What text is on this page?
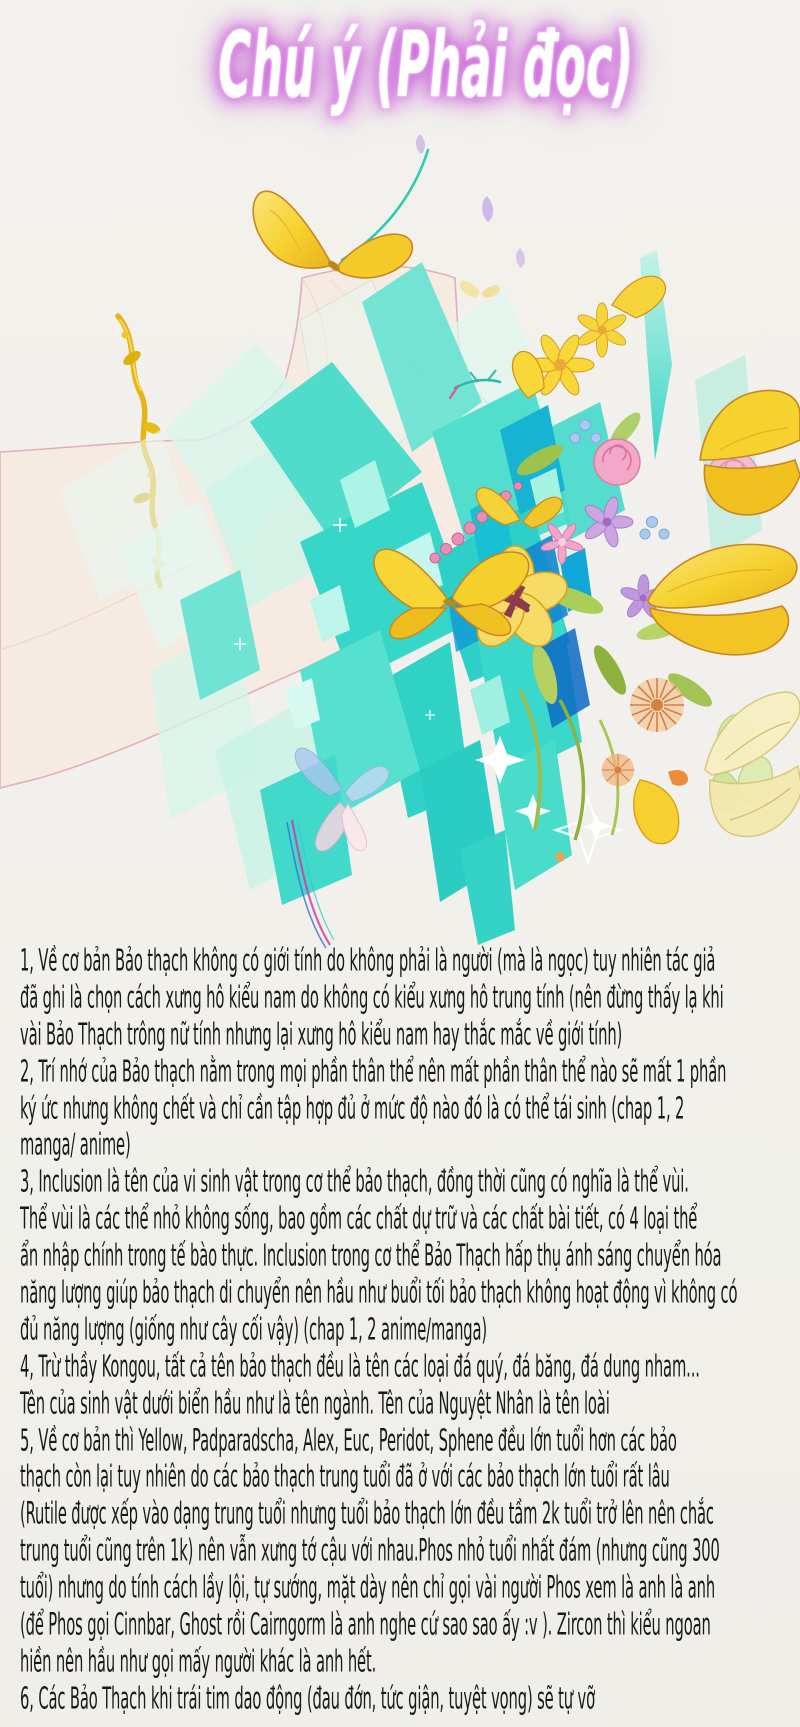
Chú ý (Phải đọc)
1, Về cơ bản Bảo thạch không có giới tính do không phải là người (mà là ngọc) tuy nhiên tác giả
đã ghi là chọn cách xưng hô kiểu nam do không có kiểu xưng hô trung tính (nên đừng thấy lạ khi
vài Bảo Thạch trông nữ tính nhưng lại xưng hô kiểu nam hay thắc mắc về giới tính)
2, Trí nhớ của Bảo thạch nằm trong mọi phần thân thể nên mất phần thân thể nào sẽ mất 1 phần
ký ức nhưng không chết và chỉ cần tập hợp đủ ở mức độ nào đó là có thể tái sinh (chap 1, 2
manga/ anime)
3, Inclusion là tên của vi sinh vật trong cơ thể bảo thạch, đồng thời cũng có nghĩa là thể vùi.
Thể vùi là các thể nhỏ không sống, bao gồm các chất dự trữ và các chất bài tiết, có 4 loại thể
ẩn nhập chính trong tế bào thực. Inclusion trong cơ thể Bảo Thạch hấp thụ ánh sáng chuyển hóa
năng lượng giúp bảo thạch di chuyển nên hầu như buổi tối bảo thạch không hoạt động vì không có
đủ năng lượng (giống như cây cối vậy) (chap 1, 2 anime/manga)
4, Trừ thầy Kongou, tất cả tên bảo thạch đều là tên các loại đá quý, đá băng, đá dung nham...
Tên của sinh vật dưới biển hầu như là tên ngành. Tên của Nguyệt Nhân là tên loài
5, Về cơ bản thì Yellow, Padparadscha, Alex, Euc, Peridot, Sphene đều lớn tuổi hơn các bảo
thạch còn lại tuy nhiên do các bảo thạch trung tuổi đã ở với các bảo thạch lớn tuổi rất lâu
(Rutile được xếp vào dạng trung tuổi nhưng tuổi bảo thạch lớn đều tầm 2k tuổi trở lên nên chắc
trung tuổi cũng trên 1k) nên vẫn xưng tớ cậu với nhau.Phos nhỏ tuổi nhất đám (nhưng cũng 300
tuổi) nhưng do tính cách lầy lội, tự sướng, mặt dày nên chỉ gọi vài người Phos xem là anh là anh
(để Phos gọi Cinnbar, Ghost rồi Cairngorm là anh nghe cứ sao sao ấy :v ). Zircon thì kiểu ngoan
hiền nên hầu như gọi mấy người khác là anh hết.
6, Các Bảo Thạch khi trái tim dao động (đau đớn, tức giận, tuyệt vọng) sẽ tự vỡ
